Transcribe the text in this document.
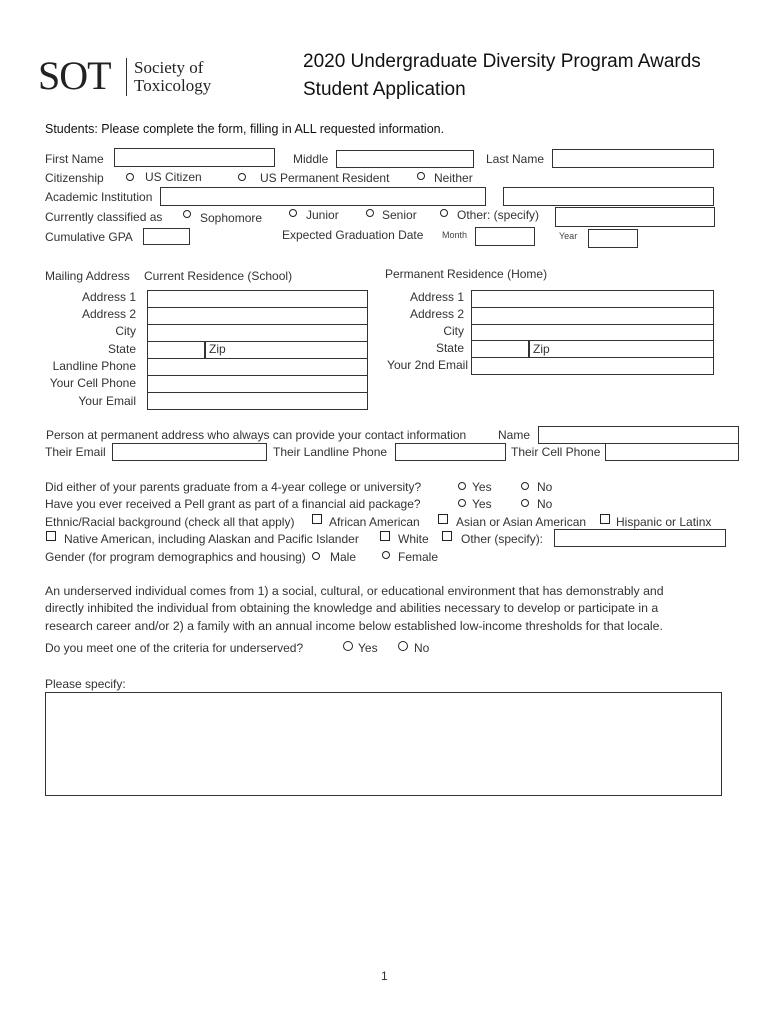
SOT Society of
Toxicology
2020 Undergraduate Diversity Program Awards
Student Application
Students: Please complete the form, filling in ALL requested information.
First Name	Middle	Last Name
Citizenship	US Citizen	US Permanent Resident	Neither
Academic Institution
Currently classified as	Sophomore	Junior	Senior	Other: (specify)
Cumulative GPA	Expected Graduation Date Month	Year
Mailing Address Current Residence (School)	Permanent Residence (Home)
Address 1
Address 2
City
State	Zip
Landline Phone
Your Cell Phone
Your Email
Address 1
Address 2
City
State	Zip
Your 2nd Email
Person at permanent address who always can provide your contact information	Name
Their Email	Their Landline Phone	Their Cell Phone
Did either of your parents graduate from a 4-year college or university?	Yes	No
Have you ever received a Pell grant as part of a financial aid package?	Yes	No
Ethnic/Racial background (check all that apply)	African American	Asian or Asian American Hispanic or Latinx
Native American, including Alaskan and Pacific Islander	White	Other (specify):
Gender (for program demographics and housing) Male	Female
An underserved individual comes from 1) a social, cultural, or educational environment that has demonstrably and
directly inhibited the individual from obtaining the knowledge and abilities necessary to develop or participate in a
research career and/or 2) a family with an annual income below established low-income thresholds for that locale.
Do you meet one of the criteria for underserved?	Yes	No
Please specify:
1
